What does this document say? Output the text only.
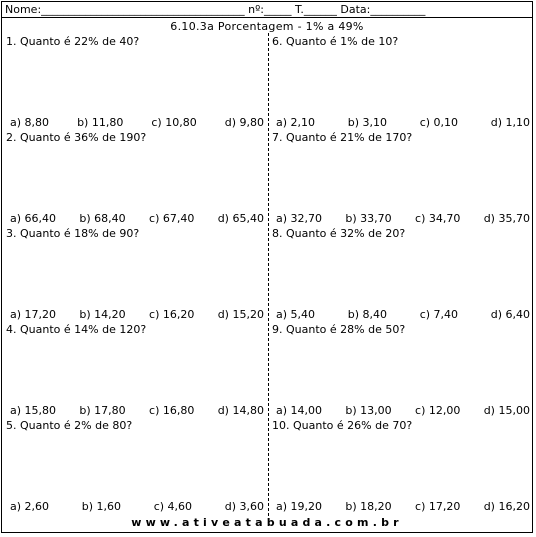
Nome:_____________________________________ nº:_____ T.______ Data:__________
6.10.3a Porcentagem - 1% a 49%
1. Quanto é 22% de 40?
a) 8,80	b) 11,80	c) 10,80	d) 9,80
2. Quanto é 36% de 190?
a) 66,40 b) 68,40 c) 67,40 d) 65,40
3. Quanto é 18% de 90?
a) 17,20 b) 14,20 c) 16,20 d) 15,20
4. Quanto é 14% de 120?
a) 15,80 b) 17,80 c) 16,80 d) 14,80
5. Quanto é 2% de 80?
a) 2,60	b) 1,60	c) 4,60	d) 3,60
6. Quanto é 1% de 10?
a) 2,10	b) 3,10	c) 0,10	d) 1,10
7. Quanto é 21% de 170?
a) 32,70 b) 33,70 c) 34,70 d) 35,70
8. Quanto é 32% de 20?
a) 5,40	b) 8,40	c) 7,40	d) 6,40
9. Quanto é 28% de 50?
a) 14,00 b) 13,00 c) 12,00 d) 15,00
10. Quanto é 26% de 70?
a) 19,20 b) 18,20 c) 17,20 d) 16,20
www.ativeatabuada.com.br
